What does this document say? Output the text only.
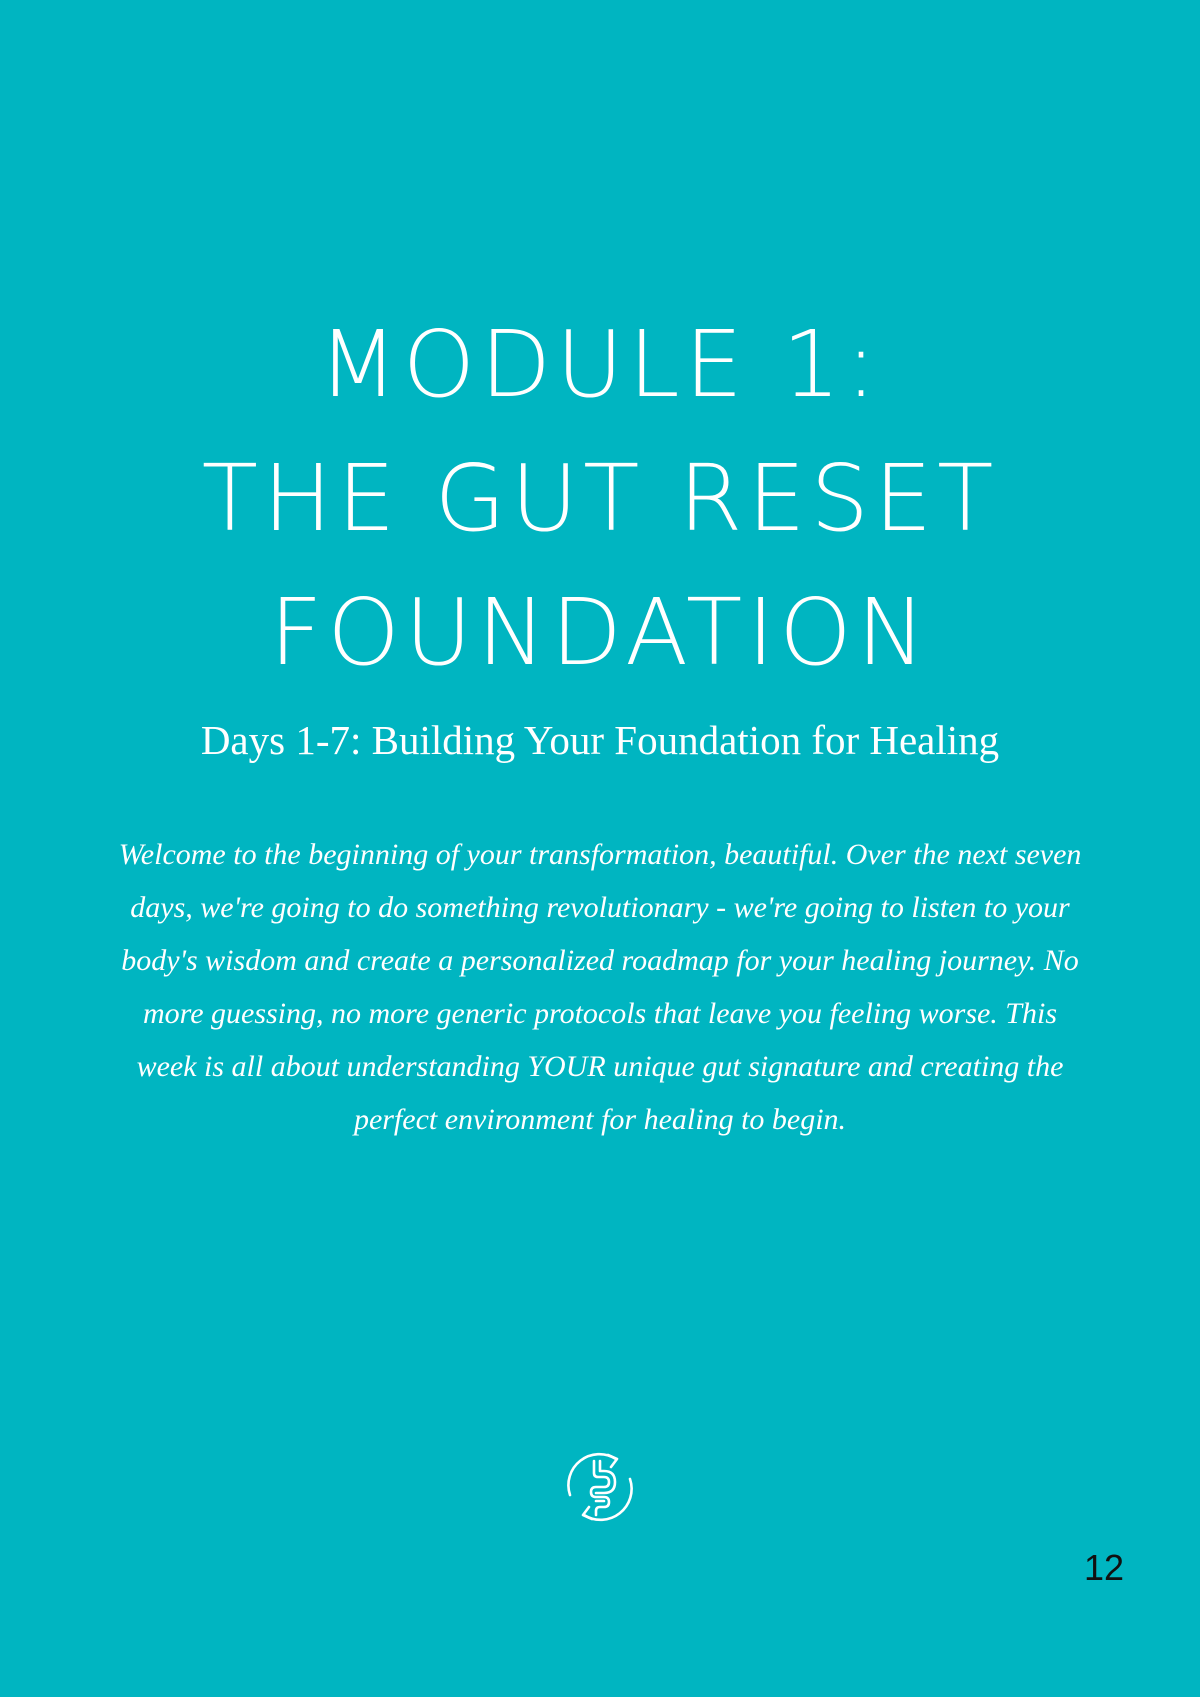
MODULE 1:
THE GUT RESET
FOUNDATION

Days 1-7: Building Your Foundation for Healing

Welcome to the beginning of your transformation, beautiful. Over the next seven days, we're going to do something revolutionary - we're going to listen to your body's wisdom and create a personalized roadmap for your healing journey. No more guessing, no more generic protocols that leave you feeling worse. This week is all about understanding YOUR unique gut signature and creating the perfect environment for healing to begin.

12
